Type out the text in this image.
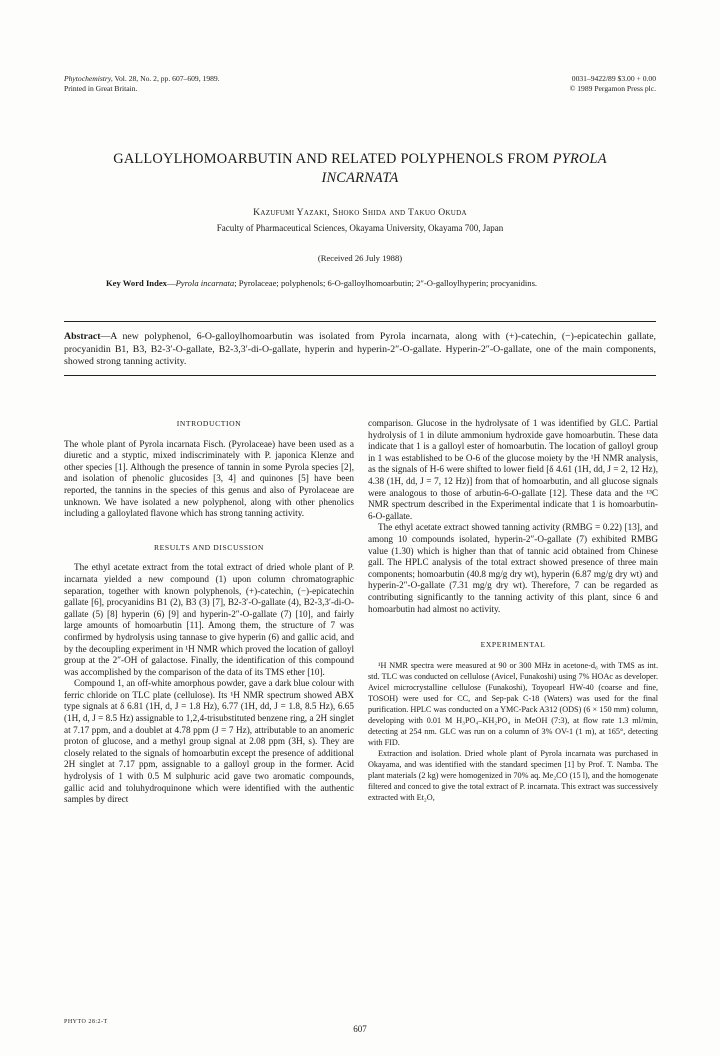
Phytochemistry, Vol. 28, No. 2, pp. 607–609, 1989.
Printed in Great Britain.
0031–9422/89 $3.00 + 0.00
© 1989 Pergamon Press plc.
GALLOYLHOMOARBUTIN AND RELATED POLYPHENOLS FROM PYROLA
INCARNATA
Kazufumi Yazaki, Shoko Shida and Takuo Okuda
Faculty of Pharmaceutical Sciences, Okayama University, Okayama 700, Japan
(Received 26 July 1988)
Key Word Index—Pyrola incarnata; Pyrolaceae; polyphenols; 6-O-galloylhomoarbutin; 2″-O-galloylhyperin; procyanidins.
Abstract—A new polyphenol, 6-O-galloylhomoarbutin was isolated from Pyrola incarnata, along with (+)-catechin, (−)-epicatechin gallate, procyanidin B1, B3, B2-3′-O-gallate, B2-3,3′-di-O-gallate, hyperin and hyperin-2″-O-gallate. Hyperin-2″-O-gallate, one of the main components, showed strong tanning activity.
INTRODUCTION

The whole plant of Pyrola incarnata Fisch. (Pyrolaceae) have been used as a diuretic and a styptic, mixed indiscriminately with P. japonica Klenze and other species [1]. Although the presence of tannin in some Pyrola species [2], and isolation of phenolic glucosides [3, 4] and quinones [5] have been reported, the tannins in the species of this genus and also of Pyrolaceae are unknown. We have isolated a new polyphenol, along with other phenolics including a galloylated flavone which has strong tanning activity.

RESULTS AND DISCUSSION

The ethyl acetate extract from the total extract of dried whole plant of P. incarnata yielded a new compound (1) upon column chromatographic separation, together with known polyphenols, (+)-catechin, (−)-epicatechin gallate [6], procyanidins B1 (2), B3 (3) [7], B2-3′-O-gallate (4), B2-3,3′-di-O-gallate (5) [8] hyperin (6) [9] and hyperin-2″-O-gallate (7) [10], and fairly large amounts of homoarbutin [11]. Among them, the structure of 7 was confirmed by hydrolysis using tannase to give hyperin (6) and gallic acid, and by the decoupling experiment in ¹H NMR which proved the location of galloyl group at the 2″-OH of galactose. Finally, the identification of this compound was accomplished by the comparison of the data of its TMS ether [10].

Compound 1, an off-white amorphous powder, gave a dark blue colour with ferric chloride on TLC plate (cellulose). Its ¹H NMR spectrum showed ABX type signals at δ 6.81 (1H, d, J = 1.8 Hz), 6.77 (1H, dd, J = 1.8, 8.5 Hz), 6.65 (1H, d, J = 8.5 Hz) assignable to 1,2,4-trisubstituted benzene ring, a 2H singlet at 7.17 ppm, and a doublet at 4.78 ppm (J = 7 Hz), attributable to an anomeric proton of glucose, and a methyl group signal at 2.08 ppm (3H, s). They are closely related to the signals of homoarbutin except the presence of additional 2H singlet at 7.17 ppm, assignable to a galloyl group in the former. Acid hydrolysis of 1 with 0.5 M sulphuric acid gave two aromatic compounds, gallic acid and toluhydroquinone which were identified with the authentic samples by direct

comparison. Glucose in the hydrolysate of 1 was identified by GLC. Partial hydrolysis of 1 in dilute ammonium hydroxide gave homoarbutin. These data indicate that 1 is a galloyl ester of homoarbutin. The location of galloyl group in 1 was established to be O-6 of the glucose moiety by the ¹H NMR analysis, as the signals of H-6 were shifted to lower field [δ 4.61 (1H, dd, J = 2, 12 Hz), 4.38 (1H, dd, J = 7, 12 Hz)] from that of homoarbutin, and all glucose signals were analogous to those of arbutin-6-O-gallate [12]. These data and the ¹³C NMR spectrum described in the Experimental indicate that 1 is homoarbutin-6-O-gallate.

The ethyl acetate extract showed tanning activity (RMBG = 0.22) [13], and among 10 compounds isolated, hyperin-2″-O-gallate (7) exhibited RMBG value (1.30) which is higher than that of tannic acid obtained from Chinese gall. The HPLC analysis of the total extract showed presence of three main components; homoarbutin (40.8 mg/g dry wt), hyperin (6.87 mg/g dry wt) and hyperin-2″-O-gallate (7.31 mg/g dry wt). Therefore, 7 can be regarded as contributing significantly to the tanning activity of this plant, since 6 and homoarbutin had almost no activity.

EXPERIMENTAL

¹H NMR spectra were measured at 90 or 300 MHz in acetone-d₆ with TMS as int. std. TLC was conducted on cellulose (Avicel, Funakoshi) using 7% HOAc as developer. Avicel microcrystalline cellulose (Funakoshi), Toyopearl HW-40 (coarse and fine, TOSOH) were used for CC, and Sep-pak C-18 (Waters) was used for the final purification. HPLC was conducted on a YMC-Pack A312 (ODS) (6 × 150 mm) column, developing with 0.01 M H₃PO₄–KH₂PO₄ in MeOH (7:3), at flow rate 1.3 ml/min, detecting at 254 nm. GLC was run on a column of 3% OV-1 (1 m), at 165°, detecting with FID.

Extraction and isolation. Dried whole plant of Pyrola incarnata was purchased in Okayama, and was identified with the standard specimen [1] by Prof. T. Namba. The plant materials (2 kg) were homogenized in 70% aq. Me₂CO (15 l), and the homogenate filtered and conced to give the total extract of P. incarnata. This extract was successively extracted with Et₂O,

PHYTO 28:2-T
607
